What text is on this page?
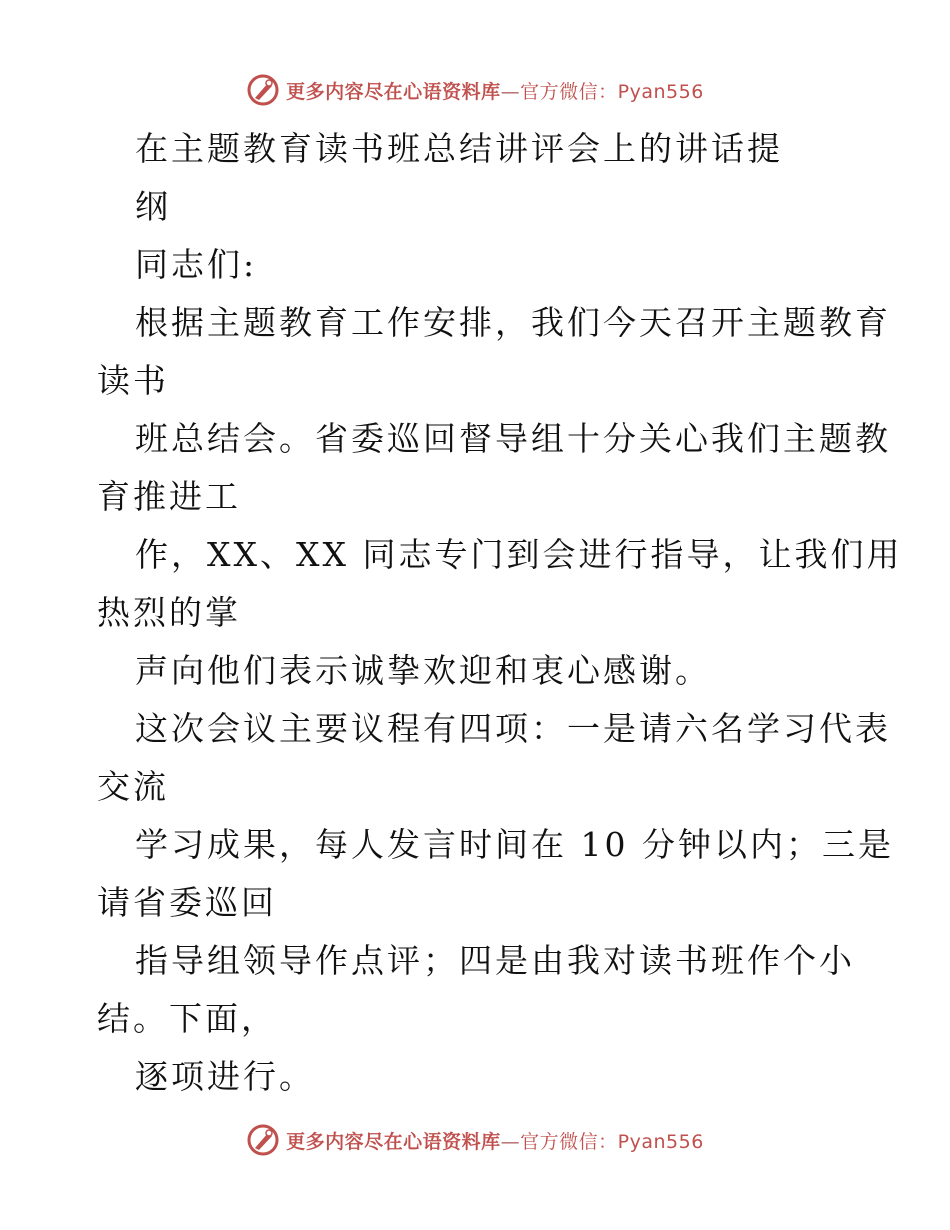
更多内容尽在心语资料库—官方微信：Pyan556
在主题教育读书班总结讲评会上的讲话提
纲
同志们:
根据主题教育工作安排，我们今天召开主题教育
读书
班总结会。省委巡回督导组十分关心我们主题教
育推进工
作，XX、XX 同志专门到会进行指导，让我们用
热烈的掌
声向他们表示诚挚欢迎和衷心感谢。
这次会议主要议程有四项：一是请六名学习代表
交流
学习成果，每人发言时间在 10 分钟以内；三是
请省委巡回
指导组领导作点评；四是由我对读书班作个小
结。下面，
逐项进行。
更多内容尽在心语资料库—官方微信：Pyan556
